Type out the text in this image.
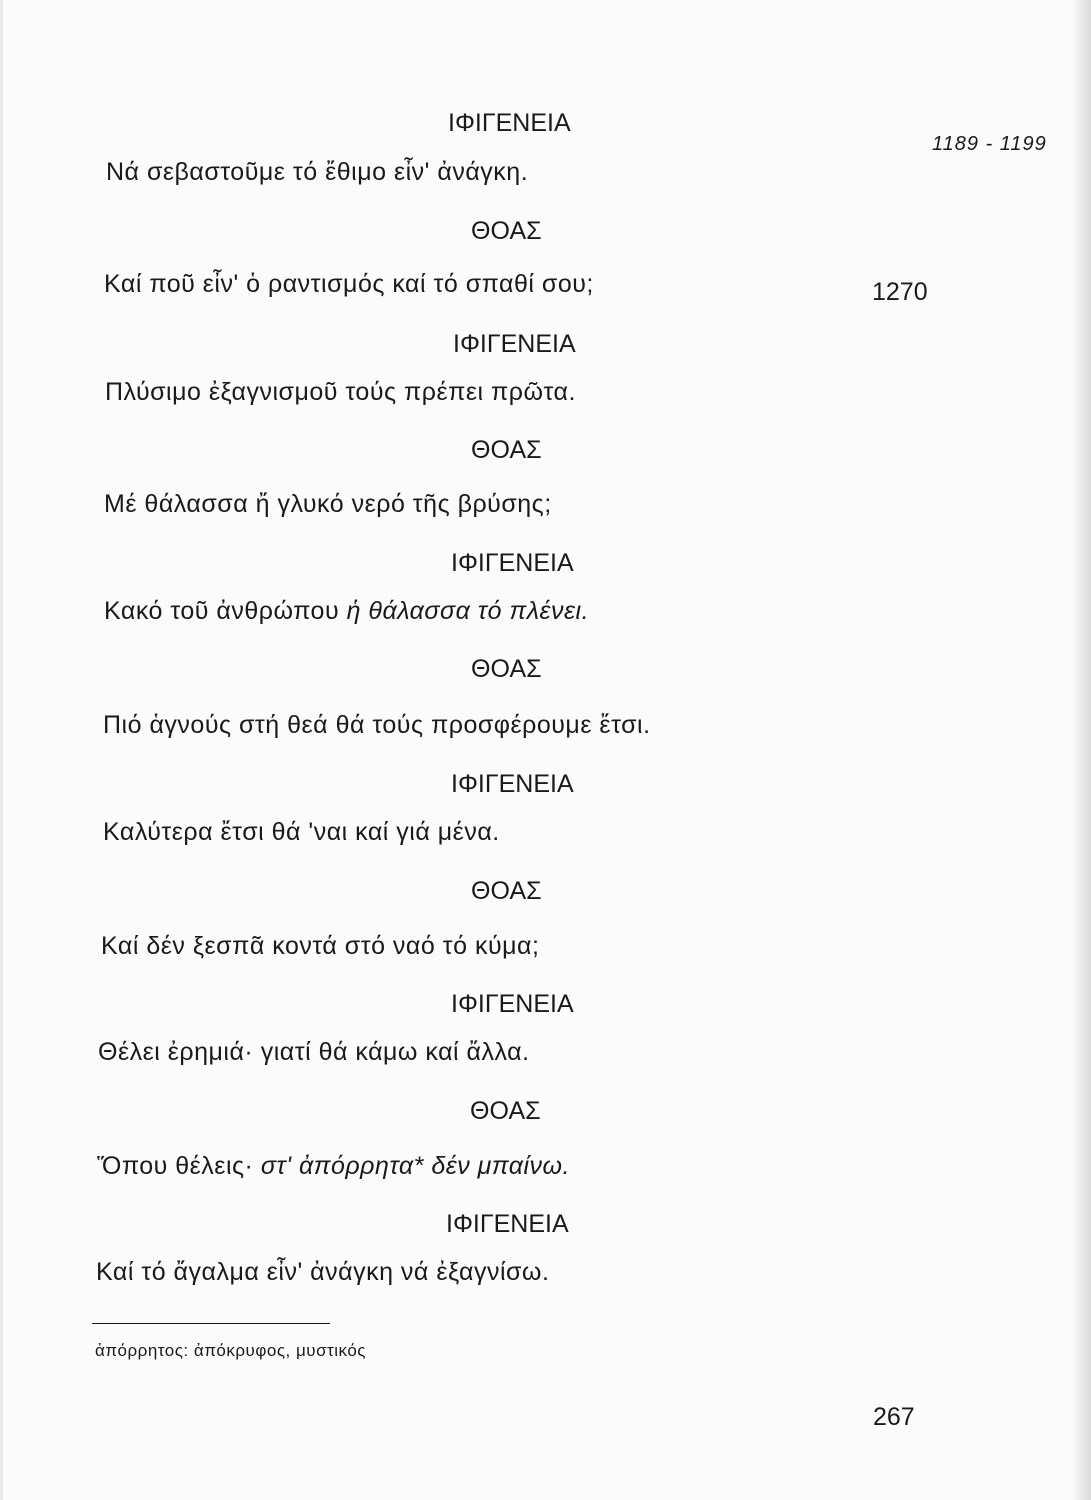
1189 - 1199
1270
ΙΦΙΓΕΝΕΙΑ
Νά σεβαστοῦμε τό ἔθιμο εἶν' ἀνάγκη.
ΘΟΑΣ
Καί ποῦ εἶν' ὁ ραντισμός καί τό σπαθί σου;
ΙΦΙΓΕΝΕΙΑ
Πλύσιμο ἐξαγνισμοῦ τούς πρέπει πρῶτα.
ΘΟΑΣ
Μέ θάλασσα ἤ γλυκό νερό τῆς βρύσης;
ΙΦΙΓΕΝΕΙΑ
Κακό τοῦ ἀνθρώπου ἡ θάλασσα τό πλένει.
ΘΟΑΣ
Πιό ἁγνούς στή θεά θά τούς προσφέρουμε ἔτσι.
ΙΦΙΓΕΝΕΙΑ
Καλύτερα ἔτσι θά 'ναι καί γιά μένα.
ΘΟΑΣ
Καί δέν ξεσπᾶ κοντά στό ναό τό κύμα;
ΙΦΙΓΕΝΕΙΑ
Θέλει ἐρημιά· γιατί θά κάμω καί ἄλλα.
ΘΟΑΣ
Ὅπου θέλεις· στ' ἀπόρρητα* δέν μπαίνω.
ΙΦΙΓΕΝΕΙΑ
Καί τό ἄγαλμα εἶν' ἀνάγκη νά ἐξαγνίσω.
ἀπόρρητος: ἀπόκρυφος, μυστικός
267
